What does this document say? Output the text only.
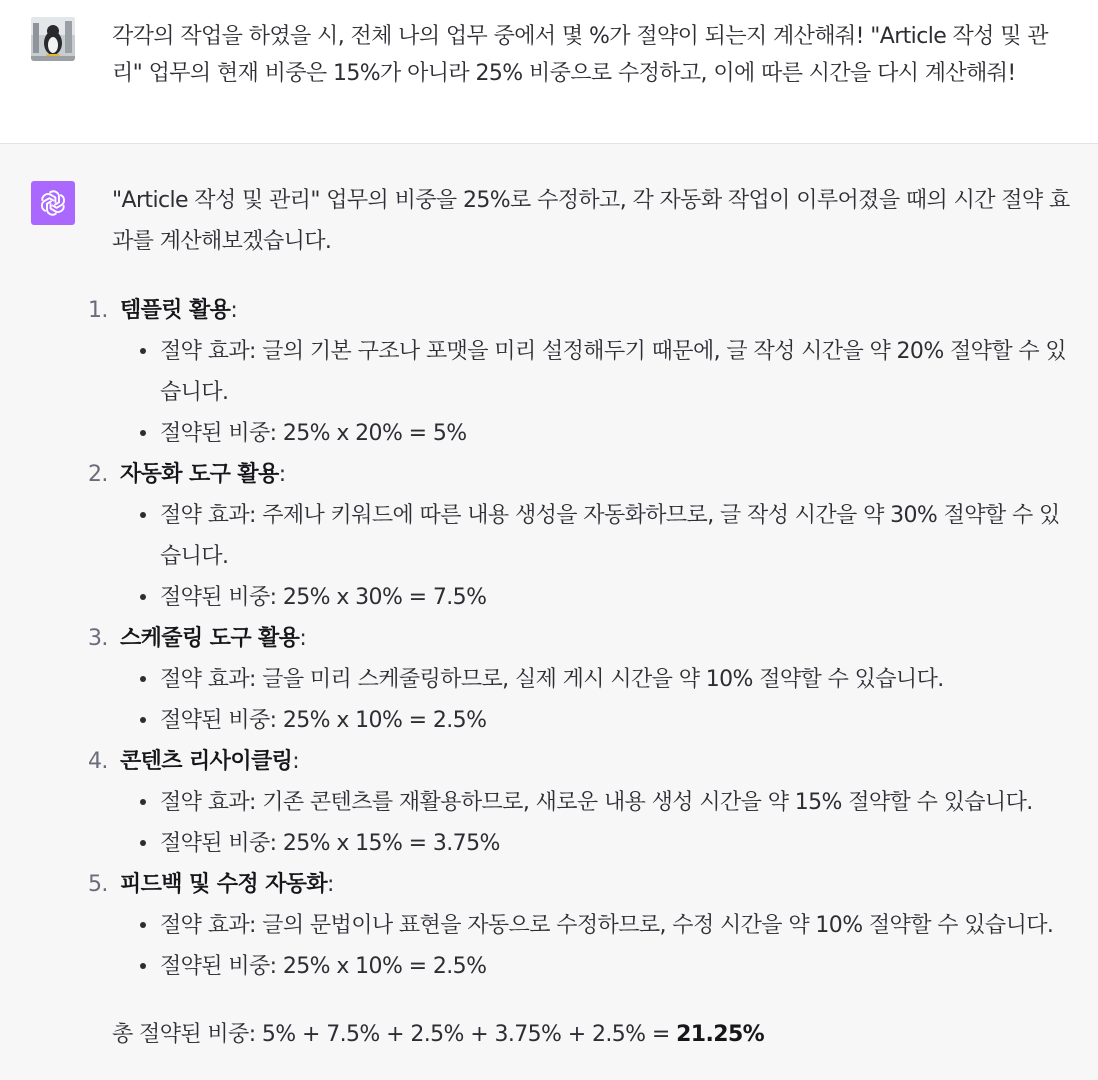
각각의 작업을 하였을 시, 전체 나의 업무 중에서 몇 %가 절약이 되는지 계산해줘! "Article 작성 및 관리" 업무의 현재 비중은 15%가 아니라 25% 비중으로 수정하고, 이에 따른 시간을 다시 계산해줘!

"Article 작성 및 관리" 업무의 비중을 25%로 수정하고, 각 자동화 작업이 이루어졌을 때의 시간 절약 효과를 계산해보겠습니다.

1. 템플릿 활용:
절약 효과: 글의 기본 구조나 포맷을 미리 설정해두기 때문에, 글 작성 시간을 약 20% 절약할 수 있습니다.
절약된 비중: 25% x 20% = 5%
2. 자동화 도구 활용:
절약 효과: 주제나 키워드에 따른 내용 생성을 자동화하므로, 글 작성 시간을 약 30% 절약할 수 있습니다.
절약된 비중: 25% x 30% = 7.5%
3. 스케줄링 도구 활용:
절약 효과: 글을 미리 스케줄링하므로, 실제 게시 시간을 약 10% 절약할 수 있습니다.
절약된 비중: 25% x 10% = 2.5%
4. 콘텐츠 리사이클링:
절약 효과: 기존 콘텐츠를 재활용하므로, 새로운 내용 생성 시간을 약 15% 절약할 수 있습니다.
절약된 비중: 25% x 15% = 3.75%
5. 피드백 및 수정 자동화:
절약 효과: 글의 문법이나 표현을 자동으로 수정하므로, 수정 시간을 약 10% 절약할 수 있습니다.
절약된 비중: 25% x 10% = 2.5%

총 절약된 비중: 5% + 7.5% + 2.5% + 3.75% + 2.5% = 21.25%
